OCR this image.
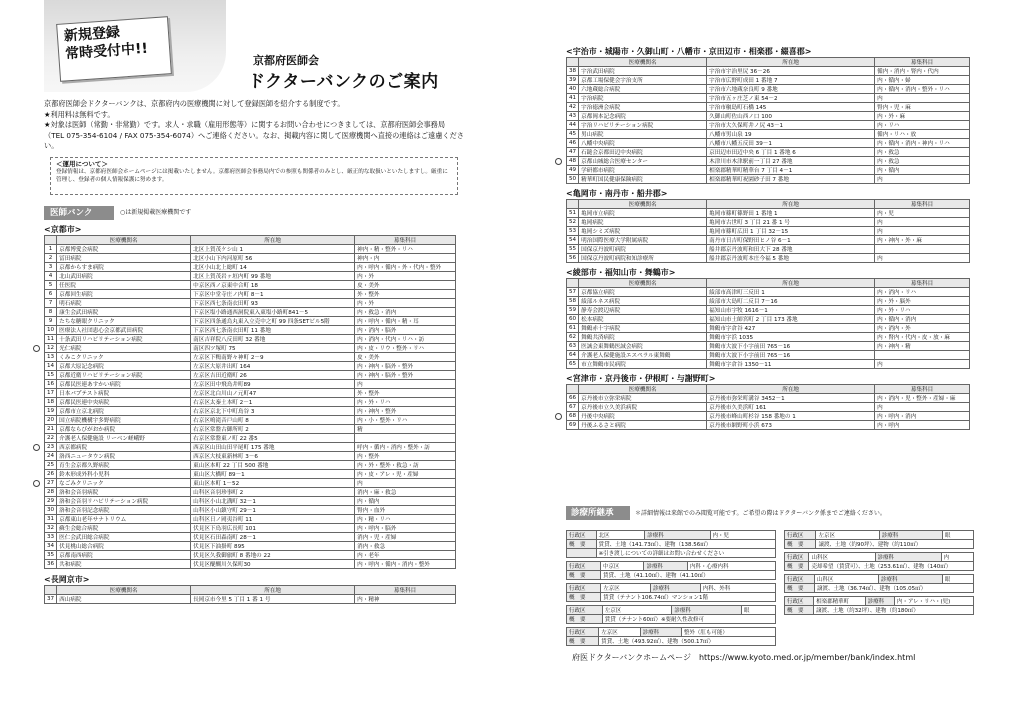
新規登録
常時受付中!!	京都府医師会
ドクターバンクのご案内
京都府医師会ドクターバンクは、京都府内の医療機関に対して登録医師を紹介する制度です。
★利用料は無料です。
★対象は医師（常勤・非常勤）です。求人・求職（雇用形態等）に関するお問い合わせにつきましては、京都府医師会事務局（TEL 075-354-6104 / FAX 075-354-6074）へご連絡ください。なお、掲載内容に関して医療機関へ直接の連絡はご遠慮ください。
＜運用について＞
登録情報は、京都府医師会ホームページには掲載いたしません。京都府医師会事務局内での参照も関係者のみとし、厳正的な取扱いといたしますし。厳重に管理し、登録者の個人情報保護に努めます。
医師バンク	○は新規掲載医療機関です
<京都市>
	医療機関名	所在地	募集科目
1	京都博愛会病院	北区上賀茂ケシ山 1	神内・精・整外・リハ
2	冨田病院	北区小山下内河原町 56	神内・内
3	京都からすま病院	北区小山北上総町 14	内・呼内・循内・外・代内・整外
4	北山武田病院	北区上賀茂岩ヶ垣内町 99 番地	内・外
5	任医院	中京区西ノ京東中合町 18	皮・美外
6	京都回生病院	下京区中堂寺庄ノ内町 8－1	外・整外
7	明石病院	下京区西七条南衣田町 93	内・外
8	康生会武田病院	下京区塩小路通西洞院東入東塩小路町841－5	内・救急・消内
9	たちな糖眼クリニック	下京区四条通烏丸東入立売中之町 99 四条SETビル5階	内・呼内・循内・精・耳
10	医療法人社団恵心会京都武田病院	下京区西七条南衣田町 11 番地	内・消内・脳外
11	十条武田リハビリテーション病院	南区吉祥院八反田町 32 番地	内・消内・代内・リハ・訪
12	光仁病院	南区四ツ塚町 75	内・皮・リウ・整外・リハ
13	くみこクリニック	左京区下鴨南野々神町 2－9	皮・美外
14	京都大原記念病院	左京区大原井出町 164	内・神内・脳外・整外
15	京都近衛リハビリテーション病院	左京区吉田近衛町 26	内・神内・脳外・整外
16	京都民医連あすかい病院	左京区田中飛鳥井町89	内
17	日本バプテスト病院	左京区北白川山ノ元町47	外・整外
18	京都民医連中央病院	右京区太秦土本町 2－1	内・外・リハ
19	京都市立京北病院	右京区京北下中町鳥谷 3	内・神内・整外
20	国立病院機構宇多野病院	右京区鳴滝音戸山町 8	内・小・整外・リハ
21	京都ならびがおか病院	右京区常盤古御所町 2	精
22	介護老人保健施設 リーベン嵯峨野	右京区常盤東ノ町 22 番5	
23	西京都病院	西京区山田山田平尾町 175 番地	呼内・循内・消内・整外・訪
24	洛西ニュータウン病院	西京区大枝東新林町 3－6	内・整外
25	育生会京都久野病院	東山区本町 22 丁目 500 番地	内・外・整外・救急・訪
26	鈴木形成外科小児科	東山区大橋町 89－1	内・皮・アレ・児・産婦
27	なごみクリニック	東山区本町 1－52	内
28	洛和会音羽病院	山科区音羽珍事町 2	消内・麻・救急
29	洛和会音羽リハビリテーション病院	山科区小山北溝町 32－1	内・循内
30	洛和会音羽記念病院	山科区小山鎮守町 29－1	腎内・血外
31	京都東山老年サナトリウム	山科区日ノ岡夷谷町 11	内・精・リハ
32	蘇生会総合病院	伏見区下鳥羽広長町 101	内・呼内・脳外
33	医仁会武田総合病院	伏見区石田森南町 28－1	消内・児・産婦
34	伏見桃山総合病院	伏見区下油掛町 895	消内・救急
35	京都南西病院	伏見区久我御旅町 8 番地の 22	内・老年
36	共和病院	伏見区醍醐川久保町30	内・呼内・循内・消内・整外
<長岡京市>
	医療機関名	所在地	募集科目
37	西山病院	長岡京市今里 5 丁目 1 番 1 号	内・精神
<宇治市・城陽市・久御山町・八幡市・京田辺市・相楽郡・綴喜郡>
	医療機関名	所在地	募集科目
38	宇治武田病院	宇治市宇治里尻 36－26	循内・消内・腎内・代内
39	京都工場保健会宇治支所	宇治市広野町成田 1 番地 7	内・循内・婦
40	六地蔵総合病院	宇治市六地蔵奈良町 9 番地	内・循内・消内・整外・リハ
41	宇治病院	宇治市五ヶ庄芝ノ東 54－2	内
42	宇治徳洲会病院	宇治市槇島町石橋 145	腎内・児・麻
43	京都岡本記念病院	久御山町佐山西ノ口 100	内・外・麻
44	宇治リハビリテーション病院	宇治市大久保町井ノ尻 43－1	内・リハ
45	男山病院	八幡市男山泉 19	循内・リハ・放
46	八幡中央病院	八幡市八幡五反田 39－1	内・循内・消内・神内・リハ
47	石鎚会京都田辺中央病院	京田辺市田辺中央 6 丁目 1 番地 6	内・救急
48	京都山城総合医療センター	木津川市木津駅前一丁目 27 番地	内・救急
49	学研都市病院	相楽郡精華町精華台 7 丁目 4－1	内・循内
50	精華町国民健康保険病院	相楽郡精華町祝園砂子田 7 番地	内
<亀岡市・南丹市・船井郡>
	医療機関名	所在地	募集科目
51	亀岡市立病院	亀岡市篠町篠野田 1 番地 1	内・児
52	亀岡病院	亀岡市古世町 3 丁目 21 番 1 号	内
53	亀岡シミズ病院	亀岡市篠町広田 1 丁目 32－15	内
54	明治国際医療大学附属病院	南丹市日吉町保野田ヒノ谷 6－1	内・神内・外・麻
55	国保京丹波町病院	船井郡京丹波町和田大下 28 番地	
56	国保京丹波町病院和知診療所	船井郡京丹波町本庄今福 5 番地	内
<綾部市・福知山市・舞鶴市>
	医療機関名	所在地	募集科目
57	京都協立病院	綾部市高津町三反田 1	内・消内・リハ
58	綾部ルネス病院	綾部市大島町二反目 7－16	内・外・脳外
59	静寿会渡辺病院	福知山市字牧 1616－1	内・外・リハ
60	松本病院	福知山市土師宮町 2 丁目 173 番地	内・循内・消内
61	舞鶴赤十字病院	舞鶴市字倉谷 427	内・消内・外
62	舞鶴共済病院	舞鶴市字浜 1035	内・腎内・代内・皮・放・麻
63	医誠会東舞鶴医誠会病院	舞鶴市大波下小字前田 765－16	内・神内・精
64	介護老人保健施設エスペラル東舞鶴	舞鶴市大波下小字前田 765－16	
65	市立舞鶴市民病院	舞鶴市字倉谷 1350－11	内
<宮津市・京丹後市・伊根町・与謝野町>
	医療機関名	所在地	募集科目
66	京丹後市立弥栄病院	京丹後市弥栄町溝谷 3452－1	内・消内・児・整外・産婦・麻
67	京丹後市立久美浜病院	京丹後市久美浜町 161	内
68	丹後中央病院	京丹後市峰山町杉谷 158 番地の 1	内・呼内・消内
69	丹後ふるさと病院	京丹後市網野町小浜 673	内・呼内
診療所継承	＊詳細情報は来館でのみ閲覧可能です。ご希望の際はドクターバンク係までご連絡ください。
行政区	北区	診療科	内・児
概　要	賃貸、土地（141.73㎡）、建物（138.56㎡）		
	※引き渡しについての詳細はお問い合わせください		
行政区	中京区	診療科	内科・心療内科
概　要	賃貸、土地（41.10㎡）、建物（41.10㎡）		
行政区	左京区	診療科	内科、外科
概　要	賃貸（テナント106.74㎡）マンション1階		
行政区	左京区	診療科	眼
概　要	賃貸（テナント60㎡）※要耐久性改修可		
行政区	左京区	診療科	整外（肛も可能）
概　要	賃貸、土地（493.92㎡）、建物（500.17㎡）		
行政区	左京区	診療科	眼
概　要	譲渡、土地（約90坪）、建物（約110㎡）		
行政区	山科区	診療科	内
概　要	売却希望（賃貸可）、土地（253.61㎡）、建物（140㎡）		
行政区	山科区	診療科	眼
概　要	譲渡、土地（36.74㎡）、建物（105.05㎡）		
行政区	相楽郡精華町	診療科	内・アレ・リハ・(児)
概　要	譲渡、土地（約32坪）、建物（約180㎡）		
府医ドクターバンクホームページ　https://www.kyoto.med.or.jp/member/bank/index.html
